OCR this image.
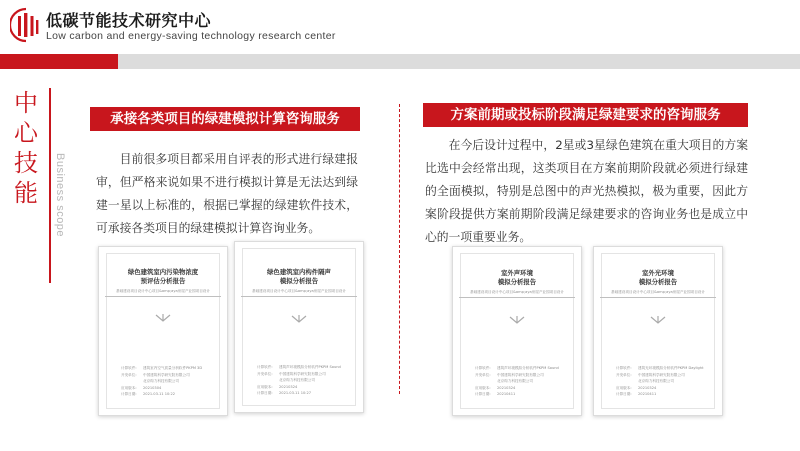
低碳节能技术研究中心
Low carbon and energy-saving technology research center
中
心
技
能 Business scope
承接各类项目的绿建模拟计算咨询服务
目前很多项目都采用自评表的形式进行绿建报审，但严格来说如果不进行模拟计算是无法达到绿建一星以上标准的，根据已掌握的绿建软件技术，可承接各类项目的绿建模拟计算咨询业务。
绿色建筑室内污染物浓度
预评估分析报告
基础建设项目设计中心项目&amp;aya房屋产业园项目设计
计算软件:	建筑室内空气质量分析软件PKPM 3D
开发单位:	中国建筑科学研究院有限公司
北京构力科技有限公司
应用版本:	20210304
计算日期:	2021.03.11 10:22
绿色建筑室内构件隔声
模拟分析报告
基础建设项目设计中心项目&amp;aya房屋产业园项目设计
计算软件:	建筑声环境模拟分析软件PKPM Sound
开发单位:	中国建筑科学研究院有限公司
北京构力科技有限公司
应用版本:	20210324
计算日期:	2021.03.11 10:27
方案前期或投标阶段满足绿建要求的咨询服务
在今后设计过程中，2星或3星绿色建筑在重大项目的方案比选中会经常出现，这类项目在方案前期阶段就必须进行绿建的全面模拟，特别是总图中的声光热模拟，极为重要，因此方案阶段提供方案前期阶段满足绿建要求的咨询业务也是成立中心的一项重要业务。
室外声环境
模拟分析报告
基础建设项目设计中心项目&amp;aya房屋产业园项目设计
计算软件:	建筑声环境模拟分析软件PKPM Sound
开发单位:	中国建筑科学研究院有限公司
北京构力科技有限公司
应用版本:	20210324
计算日期:	20210411
室外光环境
模拟分析报告
基础建设项目设计中心项目&amp;aya房屋产业园项目设计
计算软件:	建筑光环境模拟分析软件PKPM Daylight
开发单位:	中国建筑科学研究院有限公司
北京构力科技有限公司
应用版本:	20210324
计算日期:	20210411
